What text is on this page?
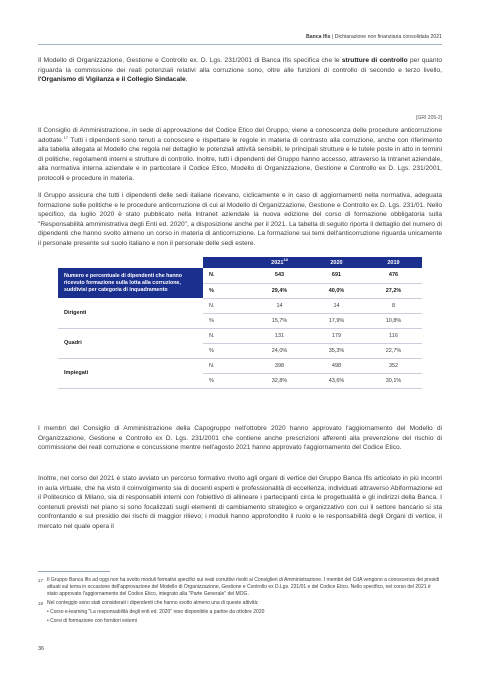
Banca Ifis | Dichiarazione non finanziaria consolidata 2021

Il Modello di Organizzazione, Gestione e Controllo ex. D. Lgs. 231/2001 di Banca Ifis specifica che le strutture di controllo per quanto riguarda la commissione dei reati potenziali relativi alla corruzione sono, oltre alle funzioni di controllo di secondo e terzo livello, l'Organismo di Vigilanza e il Collegio Sindacale.

[GRI 205-2]

Il Consiglio di Amministrazione, in sede di approvazione del Codice Etico del Gruppo, viene a conoscenza delle procedure anticorruzione adottate.$^{17}$ Tutti i dipendenti sono tenuti a conoscere e rispettare le regole in materia di contrasto alla corruzione, anche con riferimento alla tabella allegata al Modello che regola nel dettaglio le potenziali attività sensibili, le principali strutture e le tutele poste in atto in termini di politiche, regolamenti interni e strutture di controllo. Inoltre, tutti i dipendenti del Gruppo hanno accesso, attraverso la Intranet aziendale, alla normativa interna aziendale e in particolare il Codice Etico, Modello di Organizzazione, Gestione e Controllo ex D. Lgs. 231/2001, protocolli e procedure in materia.

Il Gruppo assicura che tutti i dipendenti delle sedi italiane ricevano, ciclicamente e in caso di aggiornamenti nella normativa, adeguata formazione sulle politiche e le procedure anticorruzione di cui al Modello di Organizzazione, Gestione e Controllo ex D. Lgs. 231/01. Nello specifico, da luglio 2020 è stato pubblicato nella Intranet aziendale la nuova edizione del corso di formazione obbligatoria sulla "Responsabilità amministrativa degli Enti ed. 2020", a disposizione anche per il 2021. La tabella di seguito riporta il dettaglio del numero di dipendenti che hanno svolto almeno un corso in materia di anticorruzione. La formazione sui temi dell'anticorruzione riguarda unicamente il personale presente sul suolo italiano e non il personale delle sedi estere.

		2021$^{18}$	2020	2019
Numero e percentuale di dipendenti che hanno ricevuto formazione sulla lotta alla corruzione, suddivisi per categoria di inquadramento	N.	543	691	476
	%	29,4%	40,0%	27,2%
Dirigenti	N.	14	14	8
	%	15,7%	17,9%	10,8%
Quadri	N.	131	179	116
	%	24,0%	35,3%	22,7%
Impiegati	N.	398	498	352
	%	32,8%	43,6%	30,1%

I membri del Consiglio di Amministrazione della Capogruppo nell'ottobre 2020 hanno approvato l'aggiornamento del Modello di Organizzazione, Gestione e Controllo ex D. Lgs. 231/2001 che contiene anche prescrizioni afferenti alla prevenzione del rischio di commissione dei reati corruzione e concussione mentre nell'agosto 2021 hanno approvato l'aggiornamento del Codice Etico.

Inoltre, nel corso del 2021 è stato avviato un percorso formativo rivolto agli organi di vertice del Gruppo Banca Ifis articolato in più incontri in aula virtuale, che ha visto il coinvolgimento sia di docenti esperti e professionalità di eccellenza, individuati attraverso Abiformazione ed il Politecnico di Milano, sia di responsabili interni con l'obiettivo di allineare i partecipanti circa le progettualità e gli indirizzi della Banca. I contenuti previsti nel piano si sono focalizzati sugli elementi di cambiamento strategico e organizzativo con cui il settore bancario si sta confrontando e sul presidio dei rischi di maggior rilievo; i moduli hanno approfondito il ruolo e le responsabilità degli Organi di vertice, il mercato nel quale opera il

17 Il Gruppo Banca Ifis ad oggi non ha svolto moduli formativi specifici sui reati corruttivi rivolti ai Consiglieri di Amministrazione. I membri del CdA vengono a conoscenza dei presidi attuati sul tema in occasione dell'approvazione del Modello di Organizzazione, Gestione e Controllo ex D.Lgs. 231/01 e del Codice Etico. Nello specifico, nel corso del 2021 è stato approvato l'aggiornamento del Codice Etico, integrato alla "Parte Generale" del MOG.
18 Nel conteggio sono stati considerati i dipendenti che hanno svolto almeno una di queste attività:
• Corso e-learning "La responsabilità degli enti ed. 2020" reso disponibile a partire da ottobre 2020
• Corsi di formazione con fornitori esterni
36
